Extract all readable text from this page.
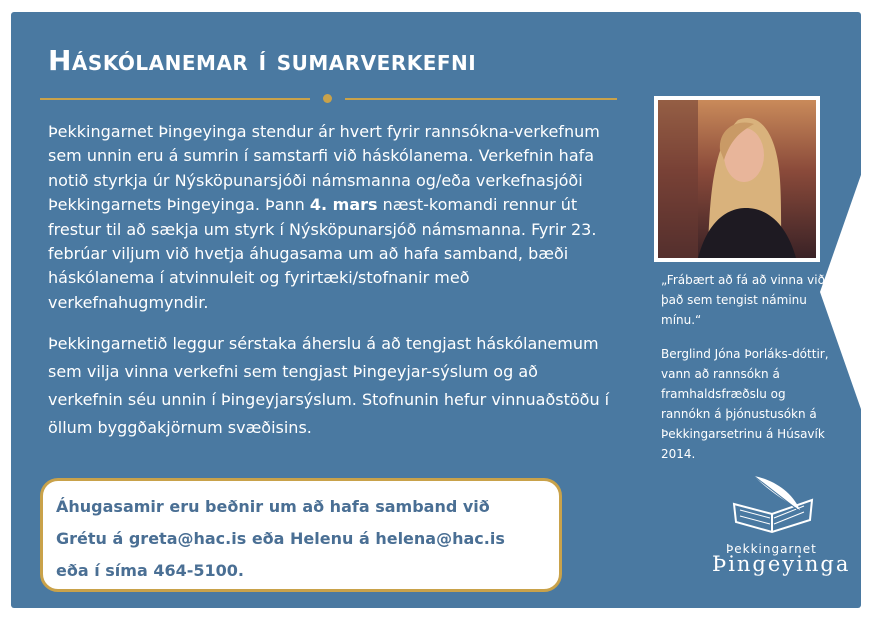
Háskólanemar í sumarverkefni
Þekkingarnet Þingeyinga stendur ár hvert fyrir rannsókna-verkefnum sem unnin eru á sumrin í samstarfi við háskólanema. Verkefnin hafa notið styrkja úr Nýsköpunarsjóði námsmanna og/eða verkefnasjóði Þekkingarnets Þingeyinga. Þann 4. mars næst-komandi rennur út frestur til að sækja um styrk í Nýsköpunarsjóð námsmanna. Fyrir 23. febrúar viljum við hvetja áhugasama um að hafa samband, bæði háskólanema í atvinnuleit og fyrirtæki/stofnanir með verkefnahugmyndir.
Þekkingarnetið leggur sérstaka áherslu á að tengjast háskólanemum sem vilja vinna verkefni sem tengjast Þingeyjar-sýslum og að verkefnin séu unnin í Þingeyjarsýslum. Stofnunin hefur vinnuaðstöðu í öllum byggðakjörnum svæðisins.
Áhugasamir eru beðnir um að hafa samband við
Grétu á greta@hac.is eða Helenu á helena@hac.is
eða í síma 464-5100.
„Frábært að fá að vinna við það sem tengist náminu mínu.“
Berglind Jóna Þorláks-dóttir, vann að rannsókn á framhaldsfræðslu og rannókn á þjónustusókn á Þekkingarsetrinu á Húsavík 2014.
Þekkingarnet
Þingeyinga
